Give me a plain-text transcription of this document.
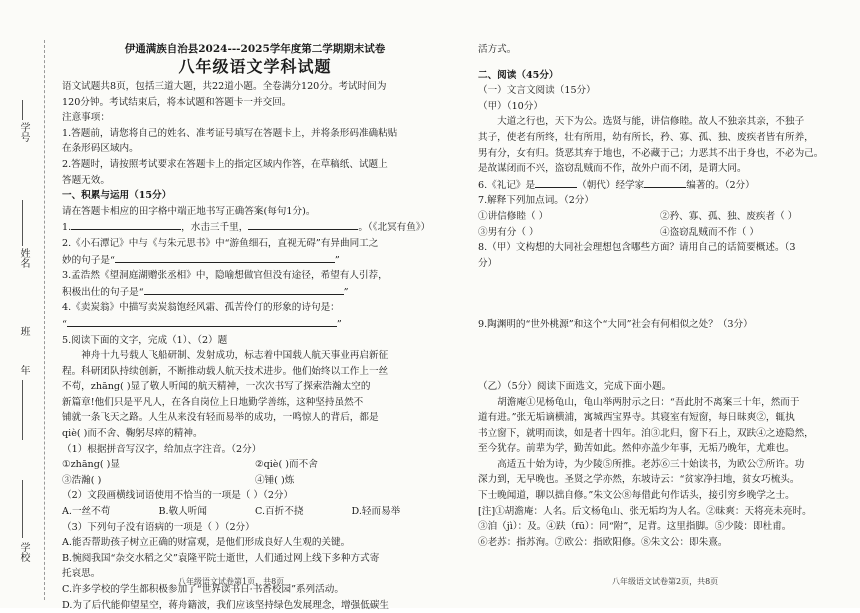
学号
姓名
班
年
学校

伊通满族自治县2024---2025学年度第二学期期末试卷

八年级语文学科试题

语文试题共8页，包括三道大题，共22道小题。全卷满分120分。考试时间为

120分钟。考试结束后，将本试题和答题卡一并交回。

注意事项：

1.答题前，请您将自己的姓名、准考证号填写在答题卡上，并将条形码准确粘贴

在条形码区域内。

2.答题时，请按照考试要求在答题卡上的指定区域内作答，在草稿纸、试题上

答题无效。

一、积累与运用（15分）

请在答题卡相应的田字格中端正地书写正确答案(每句1分)。

1.	，水击三千里，	。（《北冥有鱼》）

2.《小石潭记》中与《与朱元思书》中“游鱼细石，直视无碍”有异曲同工之

妙的句子是“	”

3.孟浩然《望洞庭湖赠张丞相》中，隐喻想做官但没有途径，希望有人引荐，

积极出仕的句子是“	”

4.《卖炭翁》中描写卖炭翁饱经风霜、孤苦伶仃的形象的诗句是：

“	”

5.阅读下面的文字，完成（1）、（2）题

神舟十九号载人飞船研制、发射成功，标志着中国载人航天事业再启新征

程。科研团队持续创新，不断推动载人航天技术进步。他们始终以工作上一丝

不苟，zhāng( )显了敬人听闻的航天精神，一次次书写了探索浩瀚太空的

新篇章!他们只是平凡人，在各自岗位上日地勤学善练，这种坚持虽然不

铺就一条飞天之路。人生从来没有轻而易举的成功，一鸣惊人的背后，都是

qiè( )而不舍、鞠躬尽瘁的精神。

（1）根据拼音写汉字，给加点字注音。（2分）

①zhāng( )显	②qiè( )而不舍
③浩瀚( )	④锤( )炼

（2）文段画横线词语使用不恰当的一项是（ ）（2分）

A.一丝不苟	B.敬人听闻	C.百折不挠	D.轻而易举

（3）下列句子没有语病的一项是（ ）（2分）

A.能否帮助孩子树立正确的财富观，是他们形成良好人生观的关键。

B.惋阅我国“杂交水稻之父”袁隆平院士逝世，人们通过网上线下多种方式寄

托哀思。

C.许多学校的学生都积极参加了“世界读书日·书香校园”系列活动。

D.为了后代能仰望星空，蒋舟籍波，我们应该坚持绿色发展理念，增强低碳生

八年级语文试卷第1页，共8页

活方式。

二、阅读（45分）

（一）文言文阅读（15分）

（甲）（10分）

大道之行也，天下为公。选贤与能，讲信修睦。故人不独亲其亲，不独子

其子，使老有所终，壮有所用，幼有所长，矜、寡、孤、独、废疾者皆有所养，

男有分，女有归。货恶其弃于地也，不必藏于己；力恶其不出于身也，不必为己。

是故谋闭而不兴，盗窃乱贼而不作，故外户而不闭，是谓大同。

6.《礼记》是	（朝代）经学家	编著的。（2分）

7.解释下列加点词。（2分）

①讲信修睦（ ）	②矜、寡、孤、独、废疾者（ ）
③男有分（ ）	④盗窃乱贼而不作（ ）

8.（甲）文构想的大同社会理想包含哪些方面？请用自己的话简要概述。（3

分）

9.陶渊明的“世外桃源”和这个“大同”社会有何相似之处？（3分）

（乙）（5分）阅读下面选文，完成下面小题。

胡澹庵①见杨龟山，龟山举两肘示之曰：“吾此肘不离案三十年，然而于

道有进。”张无垢谪横浦，寓城西宝界寺。其寝室有短窗，每日昧爽②，辄执

书立窗下，就明而读，如是者十四年。洎③北归，窗下石上，双趺④之迹隐然，

至今犹存。前辈为学，勤苦如此。然仲亦盖少年事，无垢乃晚年，尤难也。

高适五十始为诗，为少陵⑤所推。老苏⑥三十始读书，为欧公⑦所许。功

深力到，无早晚也。圣贤之学亦然，东坡诗云：“贫家净扫地，贫女巧梳头。

下士晚闻道，聊以拙自修。”朱文公⑧每借此句作话头，接引穷乡晚学之士。

[注]①胡澹庵：人名。后文杨龟山、张无垢均为人名。②昧爽：天将亮未亮时。

③洎（jì）：及。④趺（fū）：同“附”，足背。这里指脚。⑤少陵：即杜甫。

⑥老苏：指苏洵。⑦欧公：指欧阳修。⑧朱文公：即朱熹。

八年级语文试卷第2页，共8页
